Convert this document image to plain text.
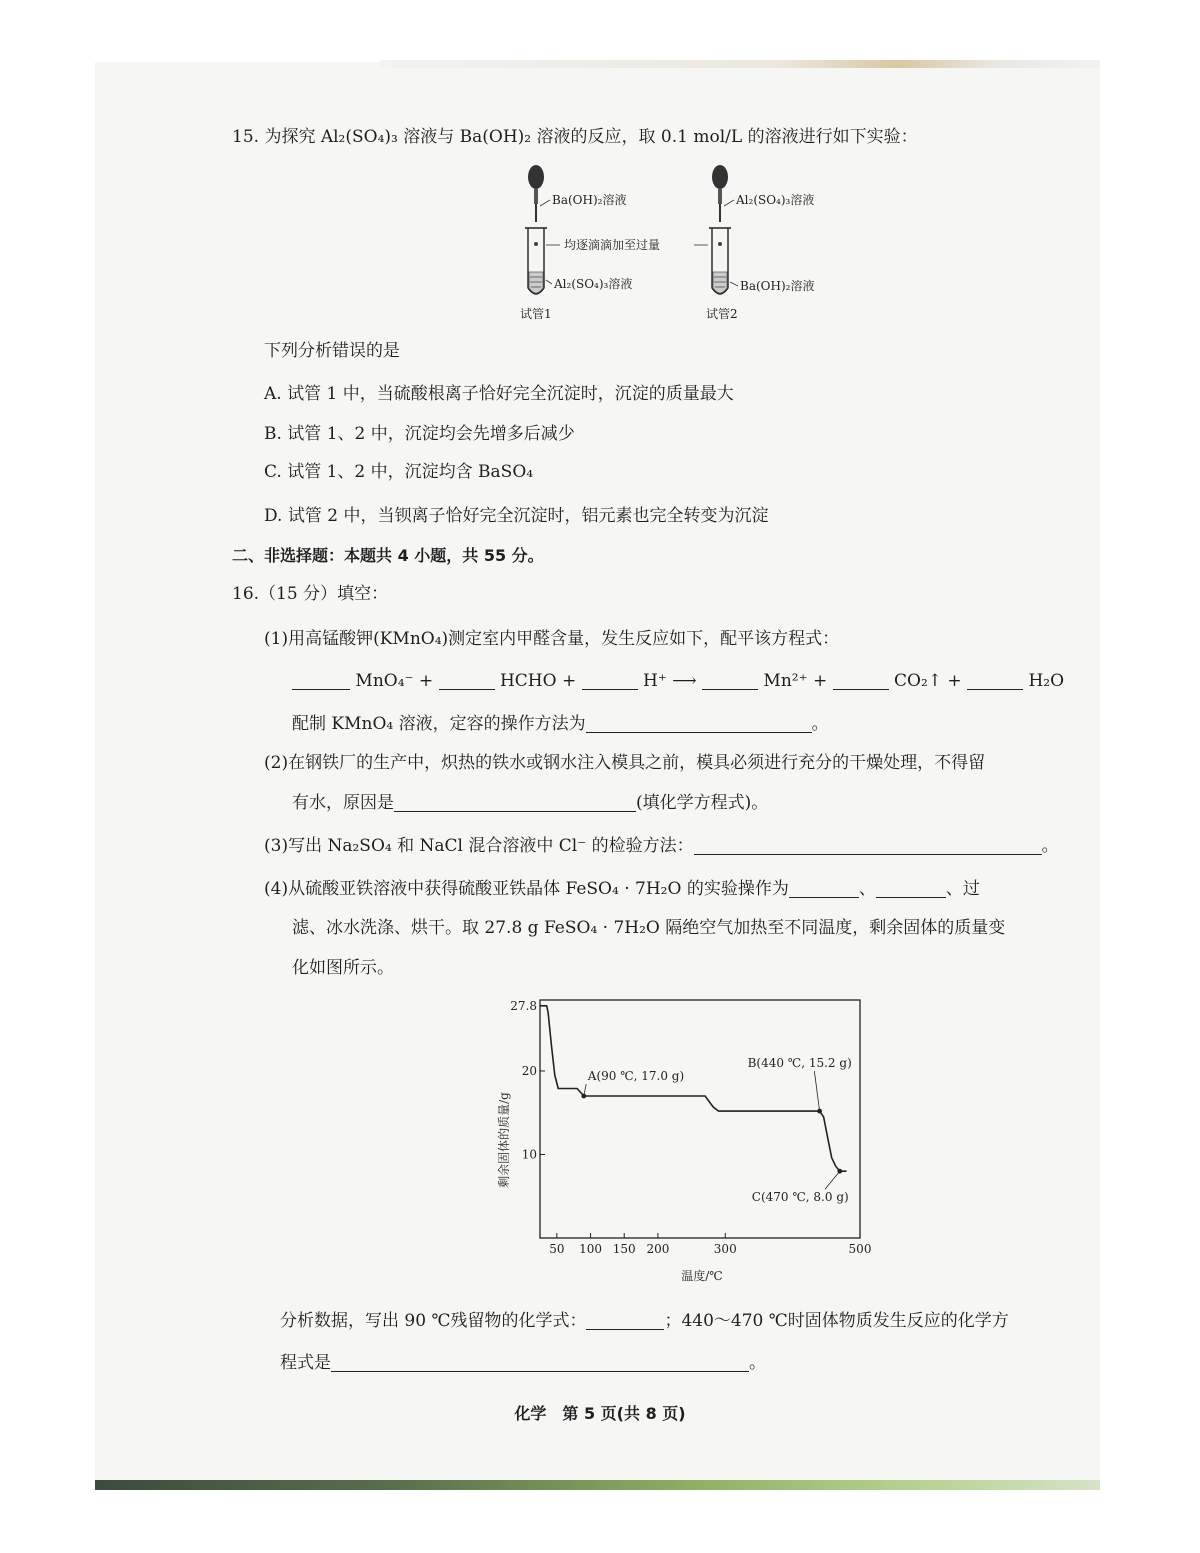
15. 为探究 Al₂(SO₄)₃ 溶液与 Ba(OH)₂ 溶液的反应，取 0.1 mol/L 的溶液进行如下实验：
Ba(OH)₂溶液
Al₂(SO₄)₃溶液
试管1
均逐滴滴加至过量
Al₂(SO₄)₃溶液
Ba(OH)₂溶液
试管2
下列分析错误的是
A. 试管 1 中，当硫酸根离子恰好完全沉淀时，沉淀的质量最大
B. 试管 1、2 中，沉淀均会先增多后减少
C. 试管 1、2 中，沉淀均含 BaSO₄
D. 试管 2 中，当钡离子恰好完全沉淀时，铝元素也完全转变为沉淀
二、非选择题：本题共 4 小题，共 55 分。
16.（15 分）填空：
(1)用高锰酸钾(KMnO₄)测定室内甲醛含量，发生反应如下，配平该方程式：
MnO₄⁻ +	HCHO +	H⁺ ⟶	Mn²⁺ +	CO₂↑ +	H₂O
配制 KMnO₄ 溶液，定容的操作方法为	。
(2)在钢铁厂的生产中，炽热的铁水或钢水注入模具之前，模具必须进行充分的干燥处理，不得留
有水，原因是	(填化学方程式)。
(3)写出 Na₂SO₄ 和 NaCl 混合溶液中 Cl⁻ 的检验方法：	。
(4)从硫酸亚铁溶液中获得硫酸亚铁晶体 FeSO₄ · 7H₂O 的实验操作为	、	、过
滤、冰水洗涤、烘干。取 27.8 g FeSO₄ · 7H₂O 隔绝空气加热至不同温度，剩余固体的质量变
化如图所示。
50 100 150 200	300	500
10
20
27.8
A(90 ℃, 17.0 g)
B(440 ℃, 15.2 g)
C(470 ℃, 8.0 g)
剩余固体的质量/g
温度/℃
分析数据，写出 90 ℃残留物的化学式：	；440～470 ℃时固体物质发生反应的化学方
程式是	。
化学　第 5 页(共 8 页)
